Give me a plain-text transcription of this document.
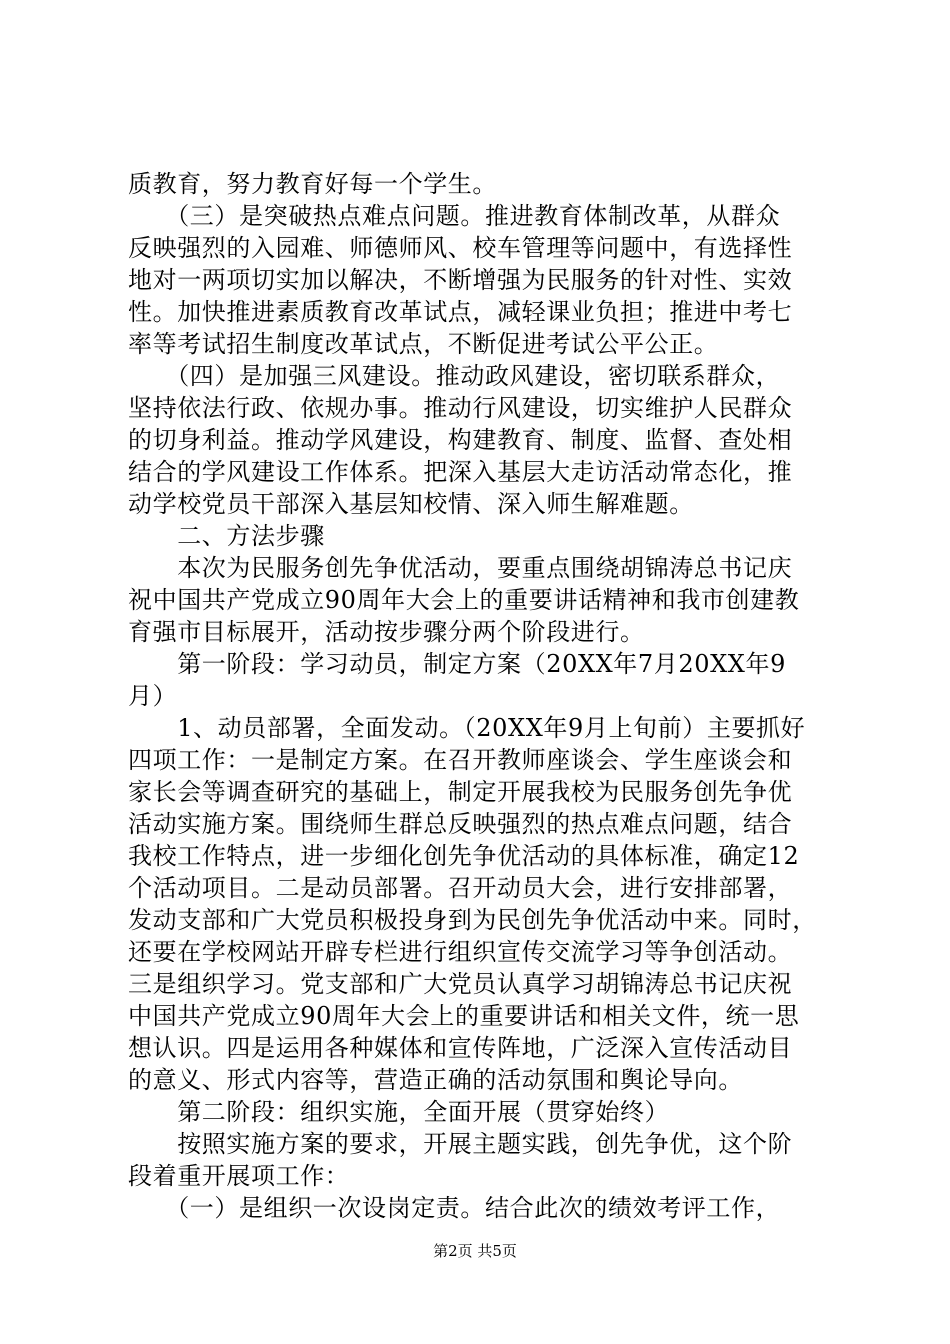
质教育，努力教育好每一个学生。
　　（三）是突破热点难点问题。推进教育体制改革，从群众
反映强烈的入园难、师德师风、校车管理等问题中，有选择性
地对一两项切实加以解决，不断增强为民服务的针对性、实效
性。加快推进素质教育改革试点，减轻课业负担；推进中考七
率等考试招生制度改革试点，不断促进考试公平公正。
　　（四）是加强三风建设。推动政风建设，密切联系群众，
坚持依法行政、依规办事。推动行风建设，切实维护人民群众
的切身利益。推动学风建设，构建教育、制度、监督、查处相
结合的学风建设工作体系。把深入基层大走访活动常态化，推
动学校党员干部深入基层知校情、深入师生解难题。
　　二、方法步骤
　　本次为民服务创先争优活动，要重点围绕胡锦涛总书记庆
祝中国共产党成立90周年大会上的重要讲话精神和我市创建教
育强市目标展开，活动按步骤分两个阶段进行。
　　第一阶段：学习动员，制定方案（20XX年7月20XX年9
月）
　　1、动员部署，全面发动。（20XX年9月上旬前）主要抓好
四项工作：一是制定方案。在召开教师座谈会、学生座谈会和
家长会等调查研究的基础上，制定开展我校为民服务创先争优
活动实施方案。围绕师生群总反映强烈的热点难点问题，结合
我校工作特点，进一步细化创先争优活动的具体标准，确定12
个活动项目。二是动员部署。召开动员大会，进行安排部署，
发动支部和广大党员积极投身到为民创先争优活动中来。同时，
还要在学校网站开辟专栏进行组织宣传交流学习等争创活动。
三是组织学习。党支部和广大党员认真学习胡锦涛总书记庆祝
中国共产党成立90周年大会上的重要讲话和相关文件，统一思
想认识。四是运用各种媒体和宣传阵地，广泛深入宣传活动目
的意义、形式内容等，营造正确的活动氛围和舆论导向。
　　第二阶段：组织实施，全面开展（贯穿始终）
　　按照实施方案的要求，开展主题实践，创先争优，这个阶
段着重开展项工作：
　　（一）是组织一次设岗定责。结合此次的绩效考评工作，
第2页 共5页
